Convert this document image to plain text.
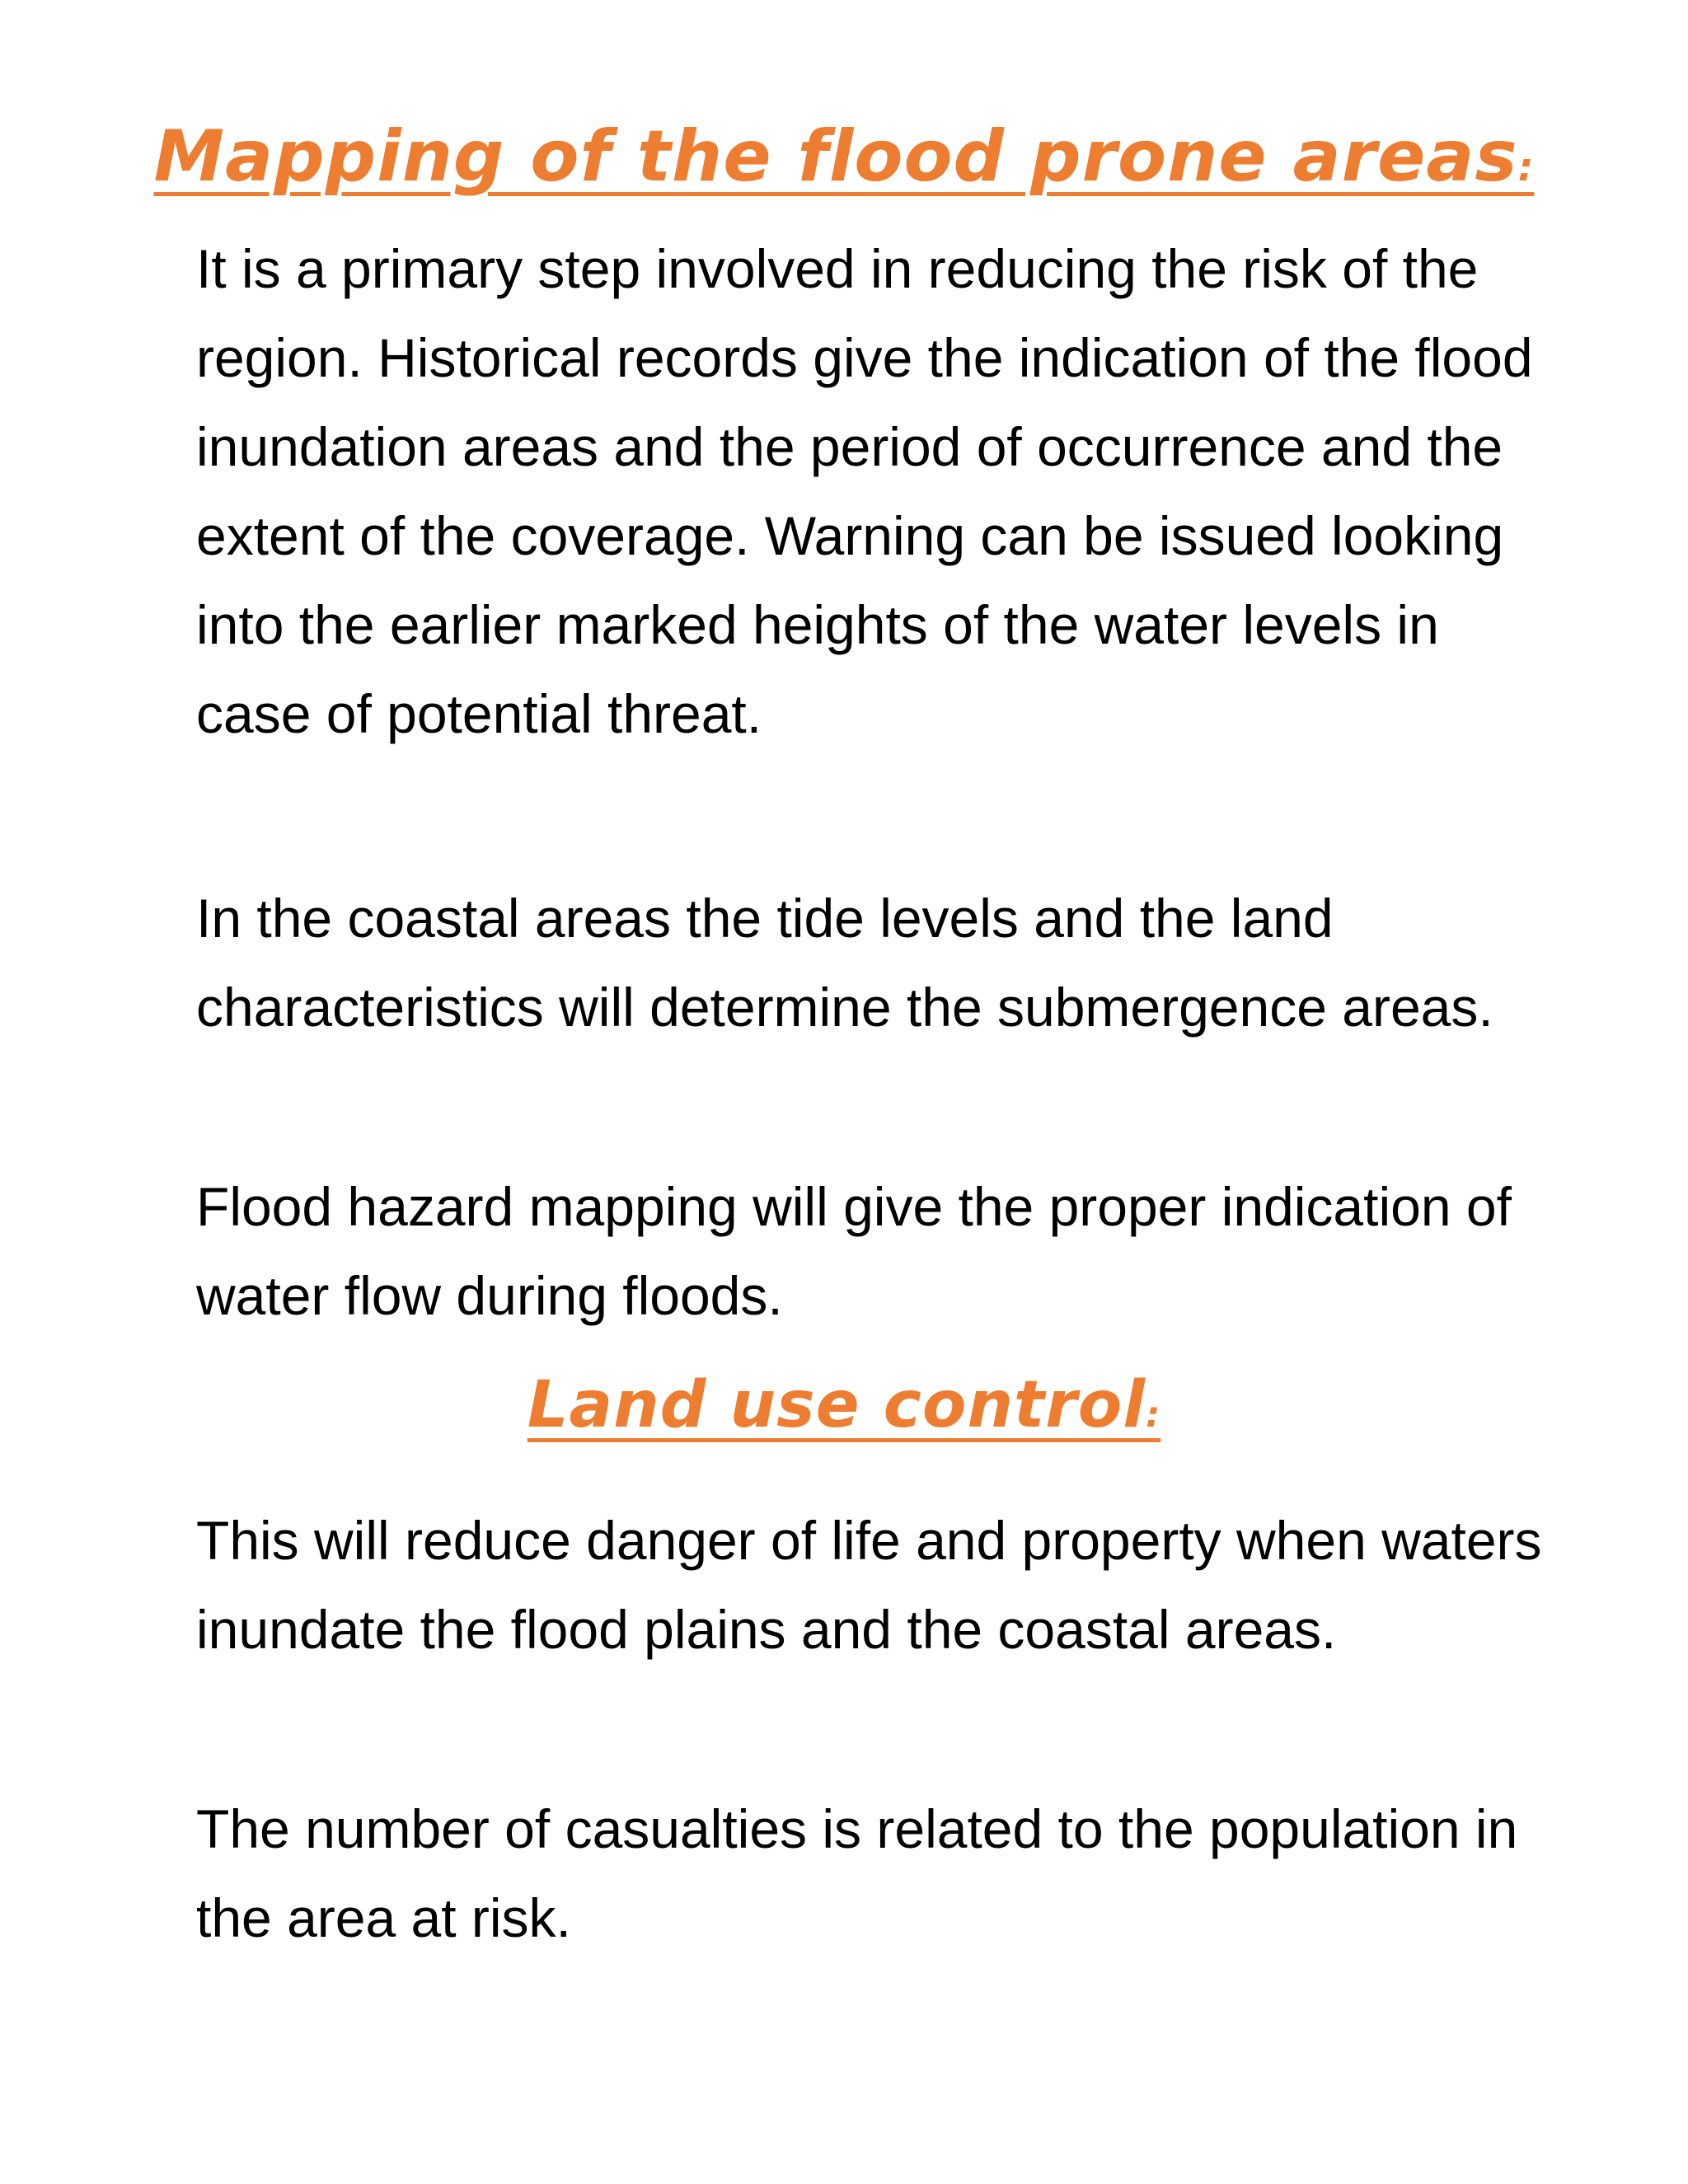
Mapping of the flood prone areas:

It is a primary step involved in reducing the risk of the region. Historical records give the indication of the flood inundation areas and the period of occurrence and the extent of the coverage. Warning can be issued looking into the earlier marked heights of the water levels in case of potential threat.

In the coastal areas the tide levels and the land characteristics will determine the submergence areas.

Flood hazard mapping will give the proper indication of water flow during floods.

Land use control:

This will reduce danger of life and property when waters inundate the flood plains and the coastal areas.

The number of casualties is related to the population in the area at risk.
